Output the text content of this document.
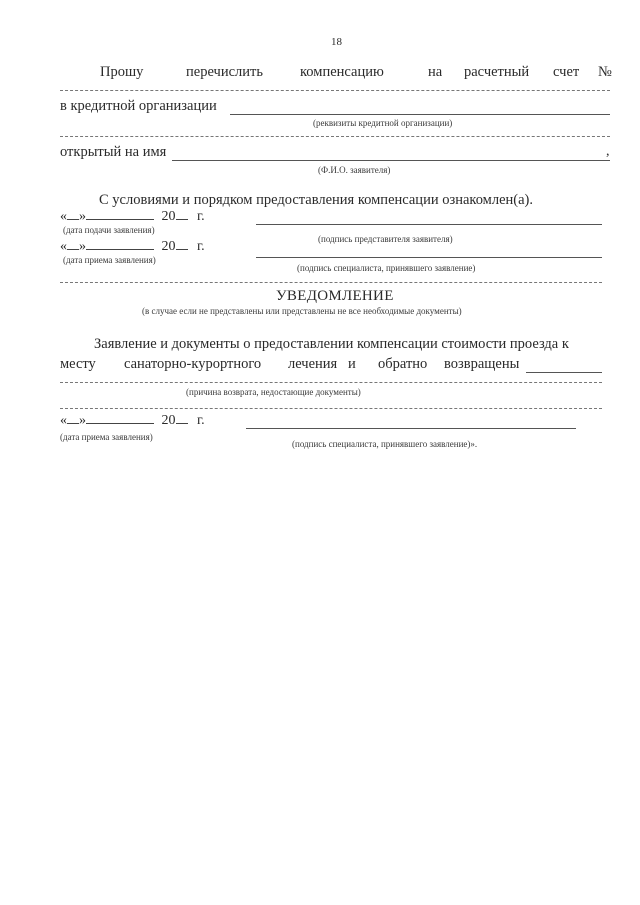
18
Прошу	перечислить	компенсацию	на расчетный счет №
в кредитной организации
(реквизиты кредитной организации)
открытый на имя	,
(Ф.И.О. заявителя)
С условиями и порядком предоставления компенсации ознакомлен(а).
« »	20 г.
(дата подачи заявления)
(подпись представителя заявителя)
« »	20 г.
(дата приема заявления)
(подпись специалиста, принявшего заявление)
УВЕДОМЛЕНИЕ
(в случае если не представлены или представлены не все необходимые документы)
Заявление и документы о предоставлении компенсации стоимости проезда к
месту санаторно-курортного лечения и обратно возвращены
(причина возврата, недостающие документы)
« »	20 г.
(дата приема заявления)
(подпись специалиста, принявшего заявление)».
